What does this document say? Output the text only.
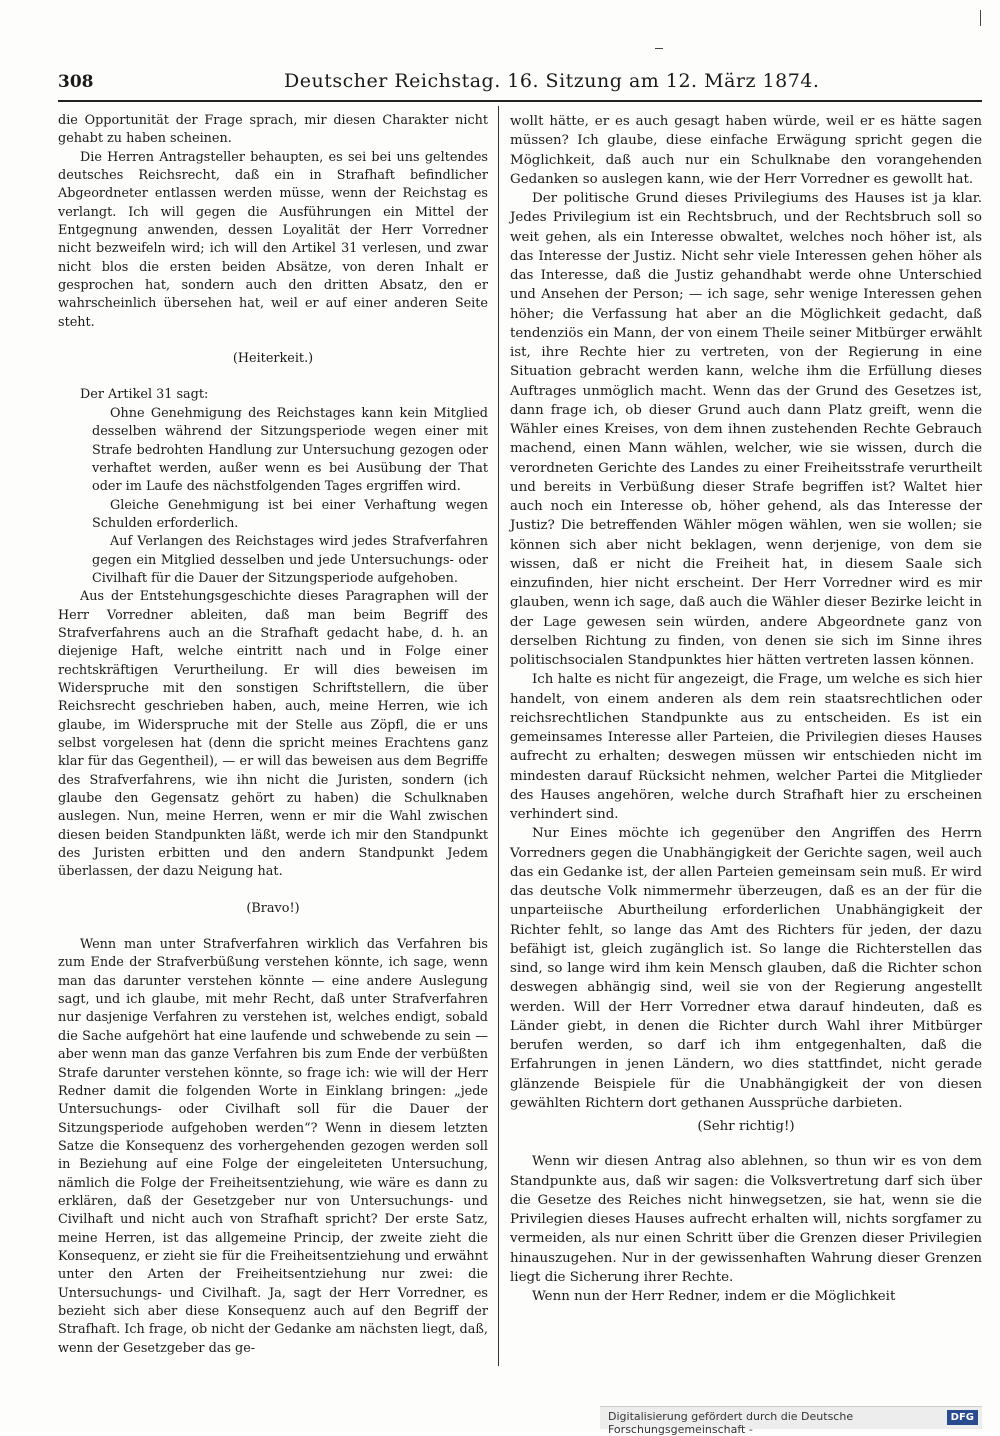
308	Deutscher Reichstag. 16. Sitzung am 12. März 1874.

die Opportunität der Frage sprach, mir diesen Charakter nicht gehabt zu haben scheinen.

Die Herren Antragsteller behaupten, es sei bei uns geltendes deutsches Reichsrecht, daß ein in Strafhaft befindlicher Abgeordneter entlassen werden müsse, wenn der Reichstag es verlangt. Ich will gegen die Ausführungen ein Mittel der Entgegnung anwenden, dessen Loyalität der Herr Vorredner nicht bezweifeln wird; ich will den Artikel 31 verlesen, und zwar nicht blos die ersten beiden Absätze, von deren Inhalt er gesprochen hat, sondern auch den dritten Absatz, den er wahrscheinlich übersehen hat, weil er auf einer anderen Seite steht.

(Heiterkeit.)

Der Artikel 31 sagt:

Ohne Genehmigung des Reichstages kann kein Mitglied desselben während der Sitzungsperiode wegen einer mit Strafe bedrohten Handlung zur Untersuchung gezogen oder verhaftet werden, außer wenn es bei Ausübung der That oder im Laufe des nächstfolgenden Tages ergriffen wird.

Gleiche Genehmigung ist bei einer Verhaftung wegen Schulden erforderlich.

Auf Verlangen des Reichstages wird jedes Strafverfahren gegen ein Mitglied desselben und jede Untersuchungs- oder Civilhaft für die Dauer der Sitzungsperiode aufgehoben.

Aus der Entstehungsgeschichte dieses Paragraphen will der Herr Vorredner ableiten, daß man beim Begriff des Strafverfahrens auch an die Strafhaft gedacht habe, d. h. an diejenige Haft, welche eintritt nach und in Folge einer rechtskräftigen Verurtheilung. Er will dies beweisen im Widerspruche mit den sonstigen Schriftstellern, die über Reichsrecht geschrieben haben, auch, meine Herren, wie ich glaube, im Widerspruche mit der Stelle aus Zöpfl, die er uns selbst vorgelesen hat (denn die spricht meines Erachtens ganz klar für das Gegentheil), — er will das beweisen aus dem Begriffe des Strafverfahrens, wie ihn nicht die Juristen, sondern (ich glaube den Gegensatz gehört zu haben) die Schulknaben auslegen. Nun, meine Herren, wenn er mir die Wahl zwischen diesen beiden Standpunkten läßt, werde ich mir den Standpunkt des Juristen erbitten und den andern Standpunkt Jedem überlassen, der dazu Neigung hat.

(Bravo!)

Wenn man unter Strafverfahren wirklich das Verfahren bis zum Ende der Strafverbüßung verstehen könnte, ich sage, wenn man das darunter verstehen könnte — eine andere Auslegung sagt, und ich glaube, mit mehr Recht, daß unter Strafverfahren nur dasjenige Verfahren zu verstehen ist, welches endigt, sobald die Sache aufgehört hat eine laufende und schwebende zu sein — aber wenn man das ganze Verfahren bis zum Ende der verbüßten Strafe darunter verstehen könnte, so frage ich: wie will der Herr Redner damit die folgenden Worte in Einklang bringen: „jede Untersuchungs- oder Civilhaft soll für die Dauer der Sitzungsperiode aufgehoben werden“? Wenn in diesem letzten Satze die Konsequenz des vorhergehenden gezogen werden soll in Beziehung auf eine Folge der eingeleiteten Untersuchung, nämlich die Folge der Freiheitsentziehung, wie wäre es dann zu erklären, daß der Gesetzgeber nur von Untersuchungs- und Civilhaft und nicht auch von Strafhaft spricht? Der erste Satz, meine Herren, ist das allgemeine Princip, der zweite zieht die Konsequenz, er zieht sie für die Freiheitsentziehung und erwähnt unter den Arten der Freiheitsentziehung nur zwei: die Untersuchungs- und Civilhaft. Ja, sagt der Herr Vorredner, es bezieht sich aber diese Konsequenz auch auf den Begriff der Strafhaft. Ich frage, ob nicht der Gedanke am nächsten liegt, daß, wenn der Gesetzgeber das ge-

wollt hätte, er es auch gesagt haben würde, weil er es hätte sagen müssen? Ich glaube, diese einfache Erwägung spricht gegen die Möglichkeit, daß auch nur ein Schulknabe den vorangehenden Gedanken so auslegen kann, wie der Herr Vorredner es gewollt hat.

Der politische Grund dieses Privilegiums des Hauses ist ja klar. Jedes Privilegium ist ein Rechtsbruch, und der Rechtsbruch soll so weit gehen, als ein Interesse obwaltet, welches noch höher ist, als das Interesse der Justiz. Nicht sehr viele Interessen gehen höher als das Interesse, daß die Justiz gehandhabt werde ohne Unterschied und Ansehen der Person; — ich sage, sehr wenige Interessen gehen höher; die Verfassung hat aber an die Möglichkeit gedacht, daß tendenziös ein Mann, der von einem Theile seiner Mitbürger erwählt ist, ihre Rechte hier zu vertreten, von der Regierung in eine Situation gebracht werden kann, welche ihm die Erfüllung dieses Auftrages unmöglich macht. Wenn das der Grund des Gesetzes ist, dann frage ich, ob dieser Grund auch dann Platz greift, wenn die Wähler eines Kreises, von dem ihnen zustehenden Rechte Gebrauch machend, einen Mann wählen, welcher, wie sie wissen, durch die verordneten Gerichte des Landes zu einer Freiheitsstrafe verurtheilt und bereits in Verbüßung dieser Strafe begriffen ist? Waltet hier auch noch ein Interesse ob, höher gehend, als das Interesse der Justiz? Die betreffenden Wähler mögen wählen, wen sie wollen; sie können sich aber nicht beklagen, wenn derjenige, von dem sie wissen, daß er nicht die Freiheit hat, in diesem Saale sich einzufinden, hier nicht erscheint. Der Herr Vorredner wird es mir glauben, wenn ich sage, daß auch die Wähler dieser Bezirke leicht in der Lage gewesen sein würden, andere Abgeordnete ganz von derselben Richtung zu finden, von denen sie sich im Sinne ihres politischsocialen Standpunktes hier hätten vertreten lassen können.

Ich halte es nicht für angezeigt, die Frage, um welche es sich hier handelt, von einem anderen als dem rein staatsrechtlichen oder reichsrechtlichen Standpunkte aus zu entscheiden. Es ist ein gemeinsames Interesse aller Parteien, die Privilegien dieses Hauses aufrecht zu erhalten; deswegen müssen wir entschieden nicht im mindesten darauf Rücksicht nehmen, welcher Partei die Mitglieder des Hauses angehören, welche durch Strafhaft hier zu erscheinen verhindert sind.

Nur Eines möchte ich gegenüber den Angriffen des Herrn Vorredners gegen die Unabhängigkeit der Gerichte sagen, weil auch das ein Gedanke ist, der allen Parteien gemeinsam sein muß. Er wird das deutsche Volk nimmermehr überzeugen, daß es an der für die unparteiische Aburtheilung erforderlichen Unabhängigkeit der Richter fehlt, so lange das Amt des Richters für jeden, der dazu befähigt ist, gleich zugänglich ist. So lange die Richterstellen das sind, so lange wird ihm kein Mensch glauben, daß die Richter schon deswegen abhängig sind, weil sie von der Regierung angestellt werden. Will der Herr Vorredner etwa darauf hindeuten, daß es Länder giebt, in denen die Richter durch Wahl ihrer Mitbürger berufen werden, so darf ich ihm entgegenhalten, daß die Erfahrungen in jenen Ländern, wo dies stattfindet, nicht gerade glänzende Beispiele für die Unabhängigkeit der von diesen gewählten Richtern dort gethanen Aussprüche darbieten.

(Sehr richtig!)

Wenn wir diesen Antrag also ablehnen, so thun wir es von dem Standpunkte aus, daß wir sagen: die Volksvertretung darf sich über die Gesetze des Reiches nicht hinwegsetzen, sie hat, wenn sie die Privilegien dieses Hauses aufrecht erhalten will, nichts sorgfamer zu vermeiden, als nur einen Schritt über die Grenzen dieser Privilegien hinauszugehen. Nur in der gewissenhaften Wahrung dieser Grenzen liegt die Sicherung ihrer Rechte.

Wenn nun der Herr Redner, indem er die Möglichkeit

Digitalisierung gefördert durch die Deutsche Forschungsgemeinschaft -
DFG
